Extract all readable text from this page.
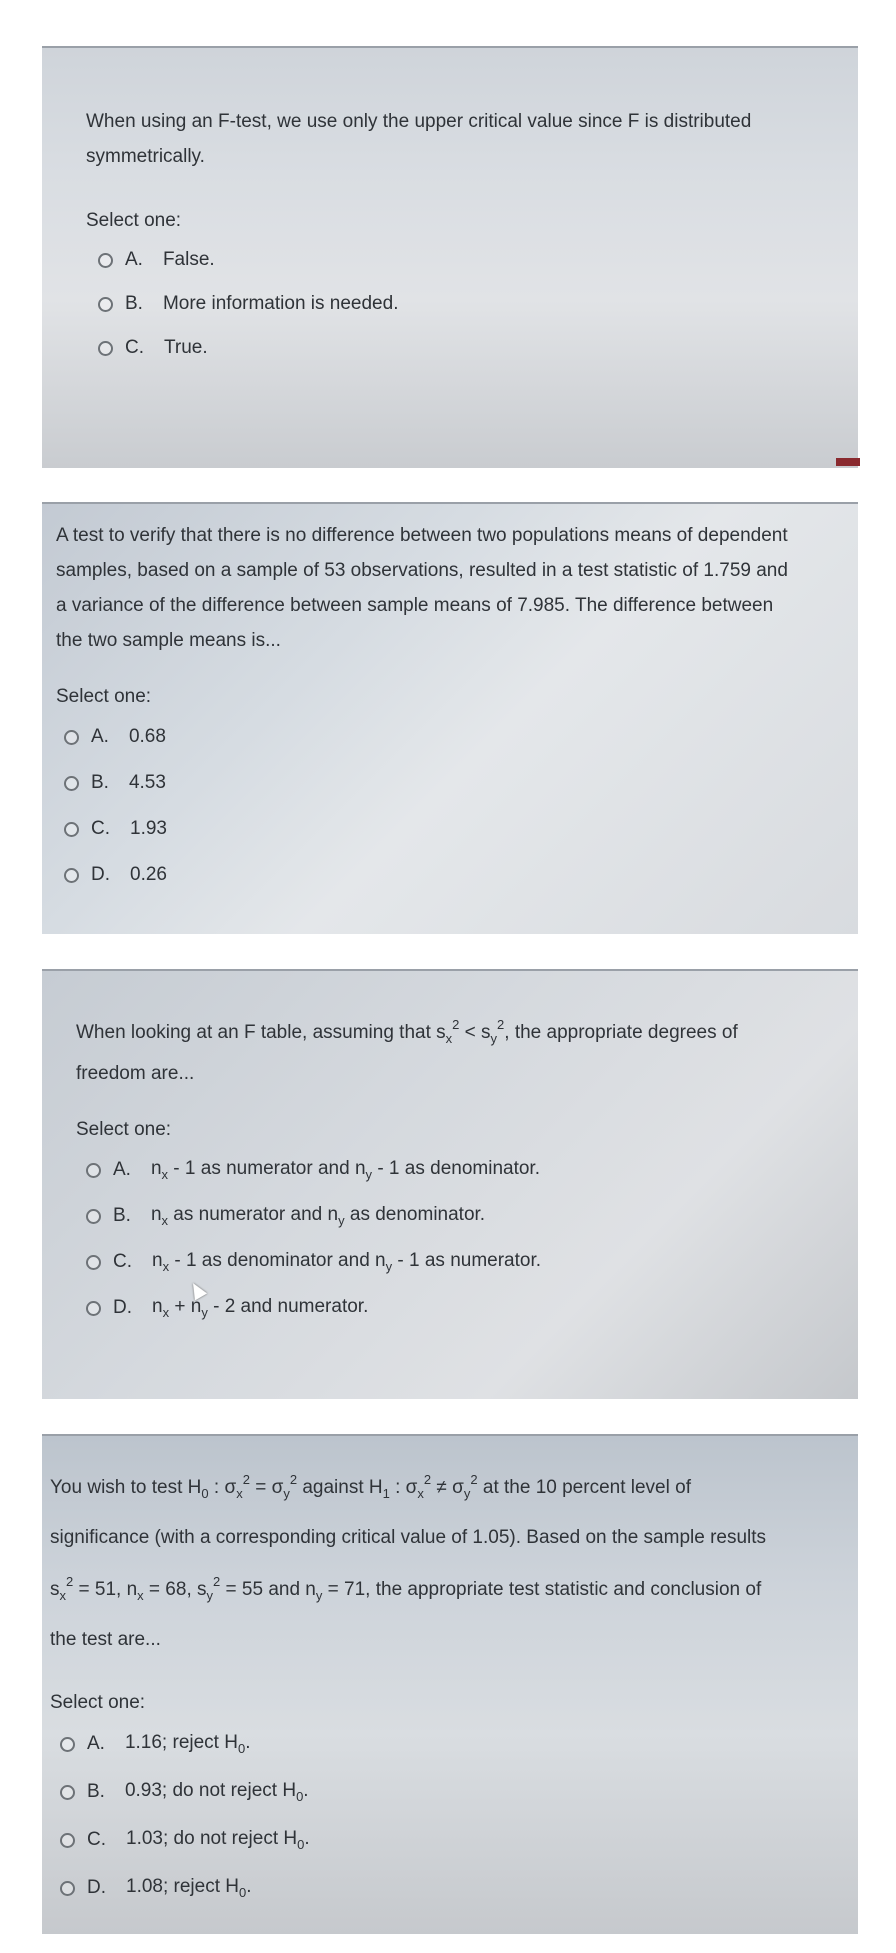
When using an F-test, we use only the upper critical value since F is distributed
symmetrically.

Select one:
A. False.
B. More information is needed.
C. True.

A test to verify that there is no difference between two populations means of dependent
samples, based on a sample of 53 observations, resulted in a test statistic of 1.759 and
a variance of the difference between sample means of 7.985. The difference between
the two sample means is...

Select one:
A. 0.68
B. 4.53
C. 1.93
D. 0.26

When looking at an F table, assuming that $s_x^2 < s_y^2$, the appropriate degrees of
freedom are...

Select one:
A. $n_x - 1$ as numerator and $n_y - 1$ as denominator.
B. $n_x$ as numerator and $n_y$ as denominator.
C. $n_x - 1$ as denominator and $n_y - 1$ as numerator.
D. $n_x + n_y - 2$ and numerator.

You wish to test $H_0$ : $\sigma_x^2 = \sigma_y^2$ against $H_1$ : $\sigma_x^2 \ne \sigma_y^2$ at the 10 percent level of
significance (with a corresponding critical value of 1.05). Based on the sample results
$s_x^2 = 51$, $n_x = 68$, $s_y^2 = 55$ and $n_y = 71$, the appropriate test statistic and conclusion of
the test are...

Select one:
A. 1.16; reject $H_0$.
B. 0.93; do not reject $H_0$.
C. 1.03; do not reject $H_0$.
D. 1.08; reject $H_0$.
